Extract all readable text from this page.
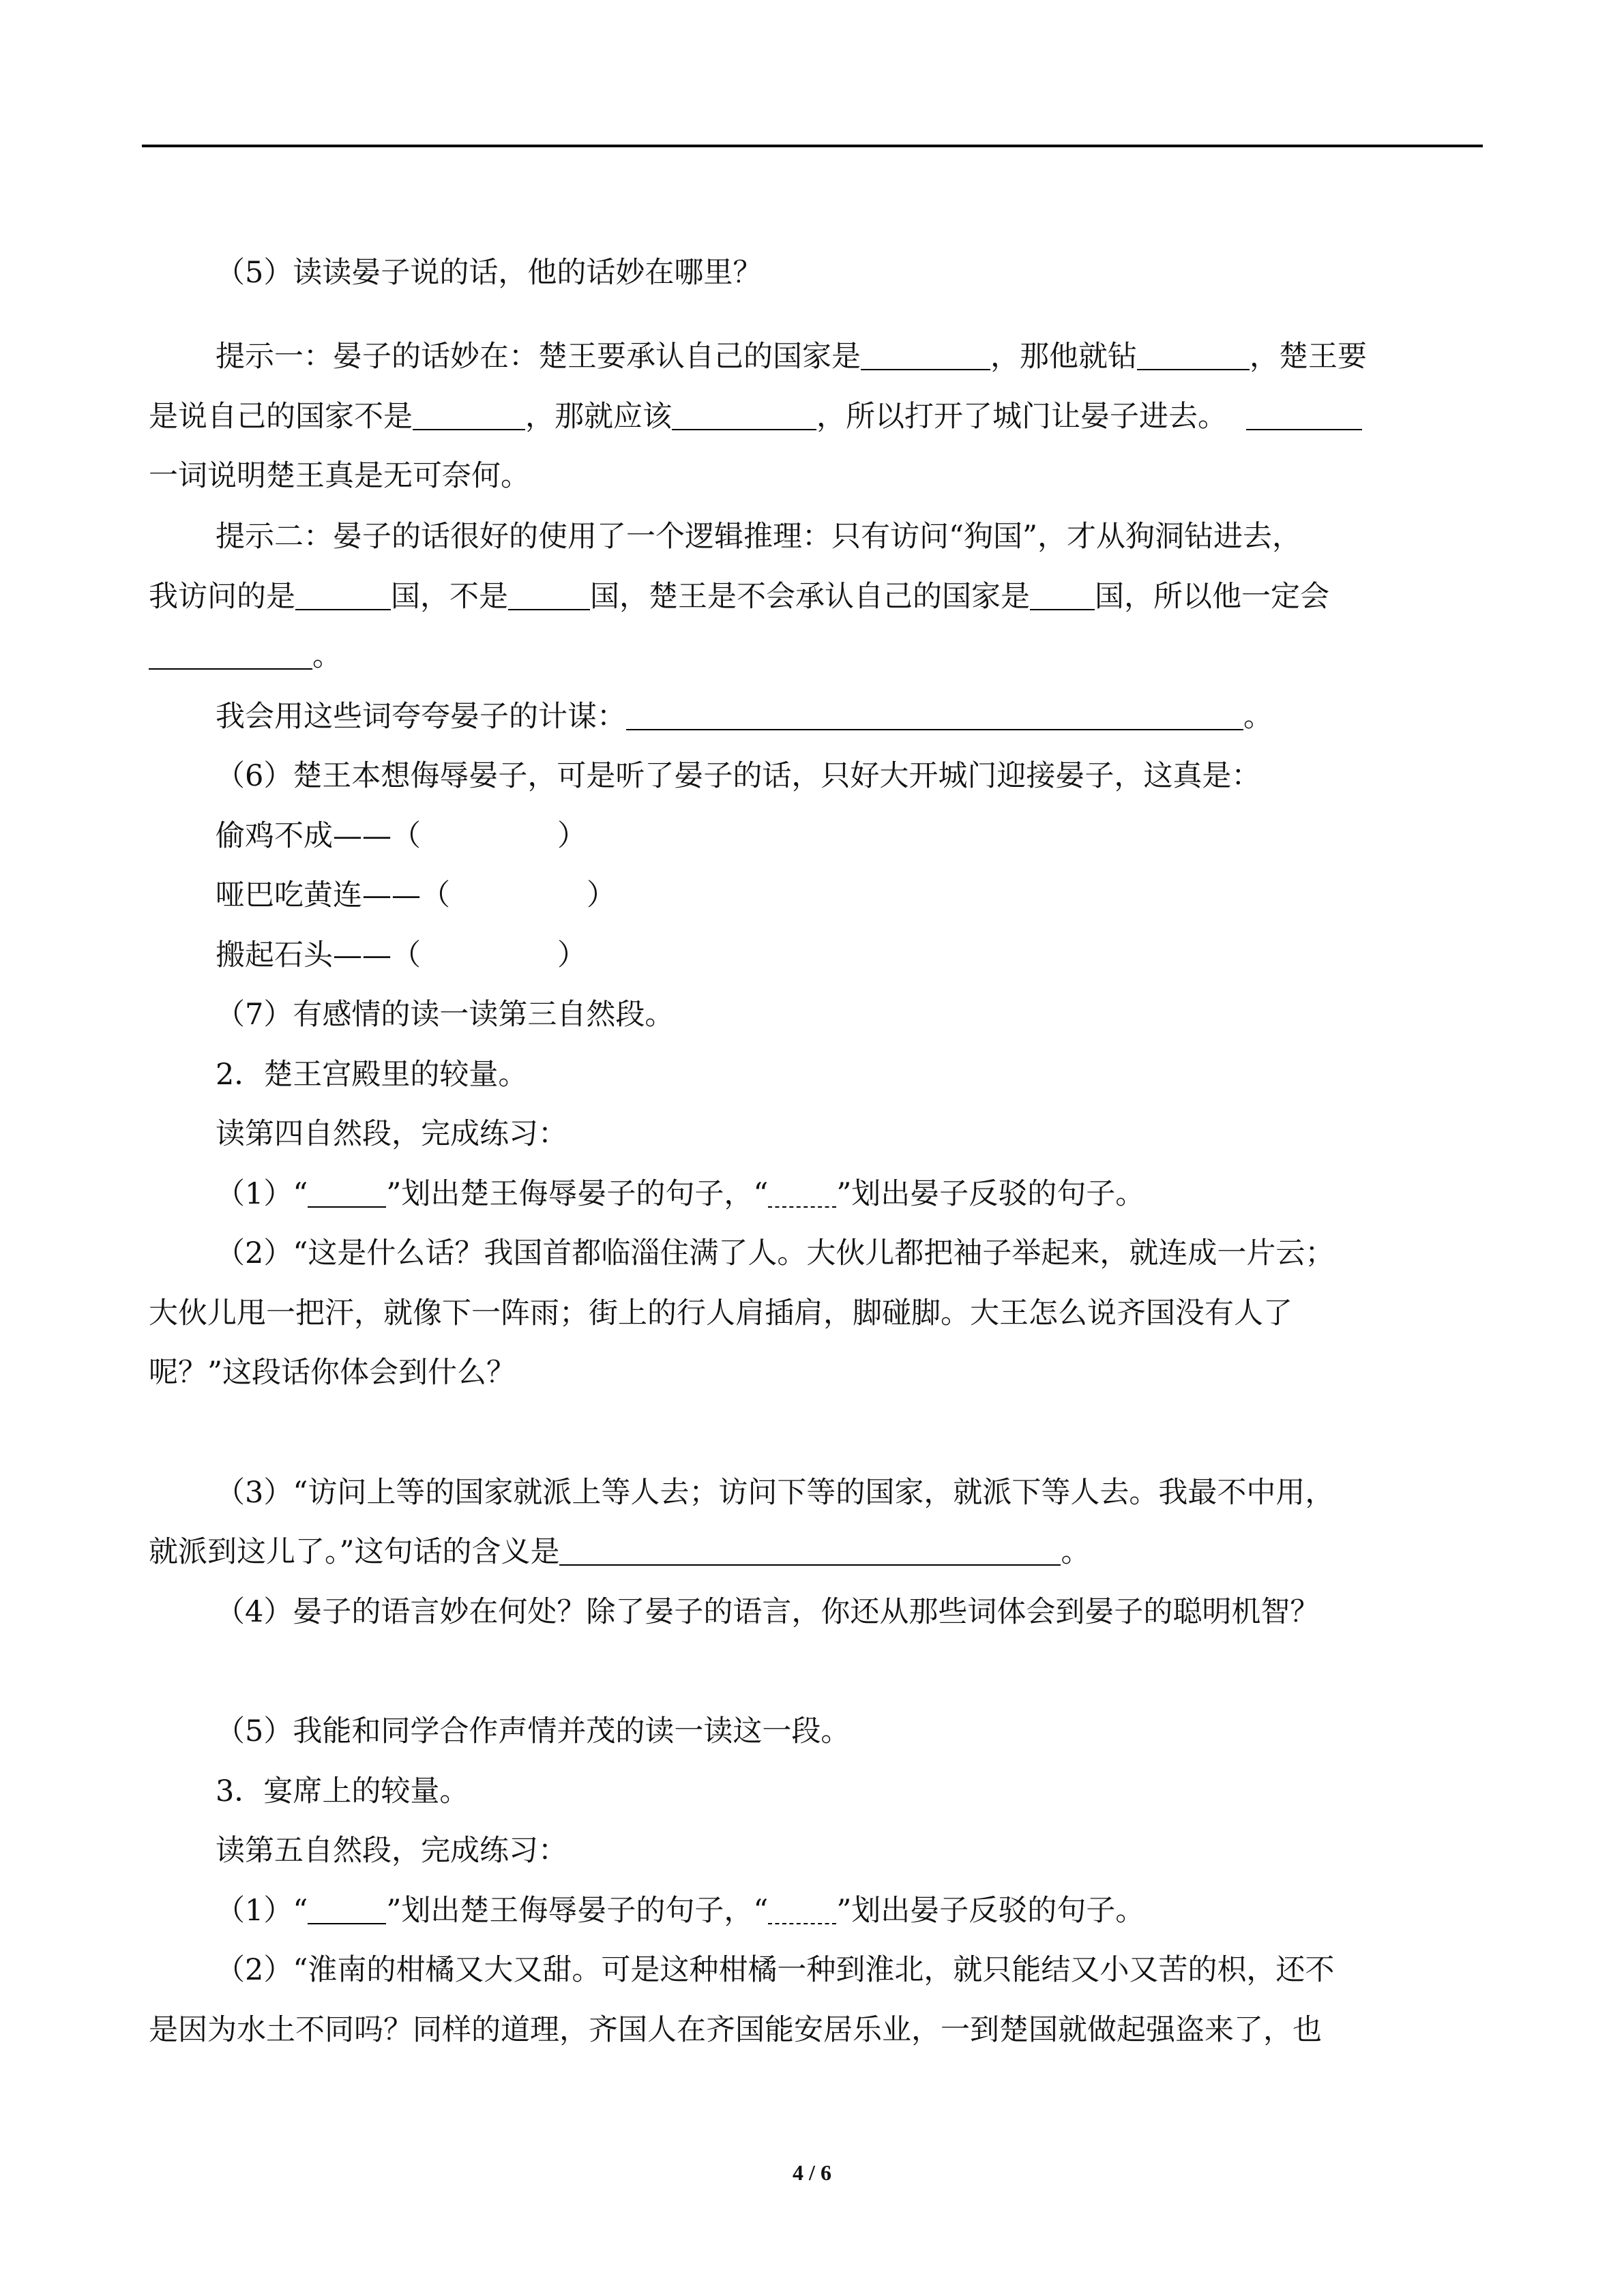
（5）读读晏子说的话，他的话妙在哪里？
提示一：晏子的话妙在：楚王要承认自己的国家是	，那他就钻	，楚王要
是说自己的国家不是	，那就应该	，所以打开了城门让晏子进去。
一词说明楚王真是无可奈何。
提示二：晏子的话很好的使用了一个逻辑推理：只有访问“狗国”，才从狗洞钻进去，
我访问的是	国，不是	国，楚王是不会承认自己的国家是 国，所以他一定会
。
我会用这些词夸夸晏子的计谋：	。
（6）楚王本想侮辱晏子，可是听了晏子的话，只好大开城门迎接晏子，这真是：
偷鸡不成——（	）
哑巴吃黄连——（	）
搬起石头——（	）
（7）有感情的读一读第三自然段。
2．楚王宫殿里的较量。
读第四自然段，完成练习：
（1）“	”划出楚王侮辱晏子的句子，“ ”划出晏子反驳的句子。
（2）“这是什么话？我国首都临淄住满了人。大伙儿都把袖子举起来，就连成一片云；
大伙儿甩一把汗，就像下一阵雨；街上的行人肩插肩，脚碰脚。大王怎么说齐国没有人了
呢？”这段话你体会到什么？
（3）“访问上等的国家就派上等人去；访问下等的国家，就派下等人去。我最不中用，
就派到这儿了。”这句话的含义是	。
（4）晏子的语言妙在何处？除了晏子的语言，你还从那些词体会到晏子的聪明机智？
（5）我能和同学合作声情并茂的读一读这一段。
3．宴席上的较量。
读第五自然段，完成练习：
（1）“	”划出楚王侮辱晏子的句子，“ ”划出晏子反驳的句子。
（2）“淮南的柑橘又大又甜。可是这种柑橘一种到淮北，就只能结又小又苦的枳，还不
是因为水土不同吗？同样的道理，齐国人在齐国能安居乐业，一到楚国就做起强盗来了，也
4 / 6
